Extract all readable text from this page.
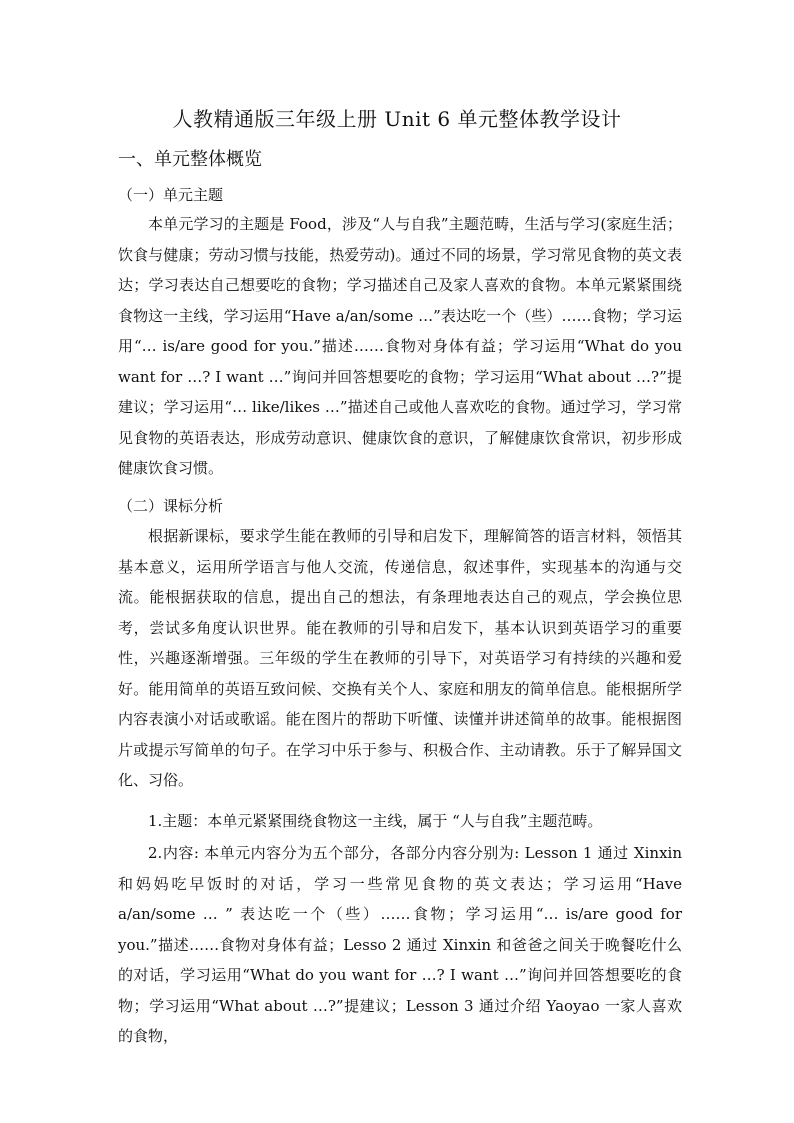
人教精通版三年级上册 Unit 6 单元整体教学设计
一、单元整体概览
（一）单元主题

本单元学习的主题是 Food，涉及“人与自我”主题范畴，生活与学习(家庭生活；饮食与健康；劳动习惯与技能，热爱劳动)。通过不同的场景，学习常见食物的英文表达；学习表达自己想要吃的食物；学习描述自己及家人喜欢的食物。本单元紧紧围绕食物这一主线，学习运用“Have a/an/some …”表达吃一个（些）……食物；学习运用“… is/are good for you.”描述……食物对身体有益；学习运用“What do you want for …? I want …”询问并回答想要吃的食物；学习运用“What about …?”提建议；学习运用“… like/likes …”描述自己或他人喜欢吃的食物。通过学习，学习常见食物的英语表达，形成劳动意识、健康饮食的意识，了解健康饮食常识，初步形成健康饮食习惯。

（二）课标分析

根据新课标，要求学生能在教师的引导和启发下，理解简答的语言材料，领悟其基本意义，运用所学语言与他人交流，传递信息，叙述事件，实现基本的沟通与交流。能根据获取的信息，提出自己的想法，有条理地表达自己的观点，学会换位思考，尝试多角度认识世界。能在教师的引导和启发下，基本认识到英语学习的重要性，兴趣逐渐增强。三年级的学生在教师的引导下，对英语学习有持续的兴趣和爱好。能用简单的英语互致问候、交换有关个人、家庭和朋友的简单信息。能根据所学内容表演小对话或歌谣。能在图片的帮助下听懂、读懂并讲述简单的故事。能根据图片或提示写简单的句子。在学习中乐于参与、积极合作、主动请教。乐于了解异国文化、习俗。

1.主题：本单元紧紧围绕食物这一主线，属于 “人与自我”主题范畴。

2.内容: 本单元内容分为五个部分，各部分内容分别为: Lesson 1 通过 Xinxin 和妈妈吃早饭时的对话，学习一些常见食物的英文表达；学习运用“Have a/an/some … ” 表达吃一个（些）……食物；学习运用“… is/are good for you.”描述……食物对身体有益；Lesso 2 通过 Xinxin 和爸爸之间关于晚餐吃什么的对话，学习运用“What do you want for …? I want …”询问并回答想要吃的食物；学习运用“What about …?”提建议；Lesson 3 通过介绍 Yaoyao 一家人喜欢的食物，
